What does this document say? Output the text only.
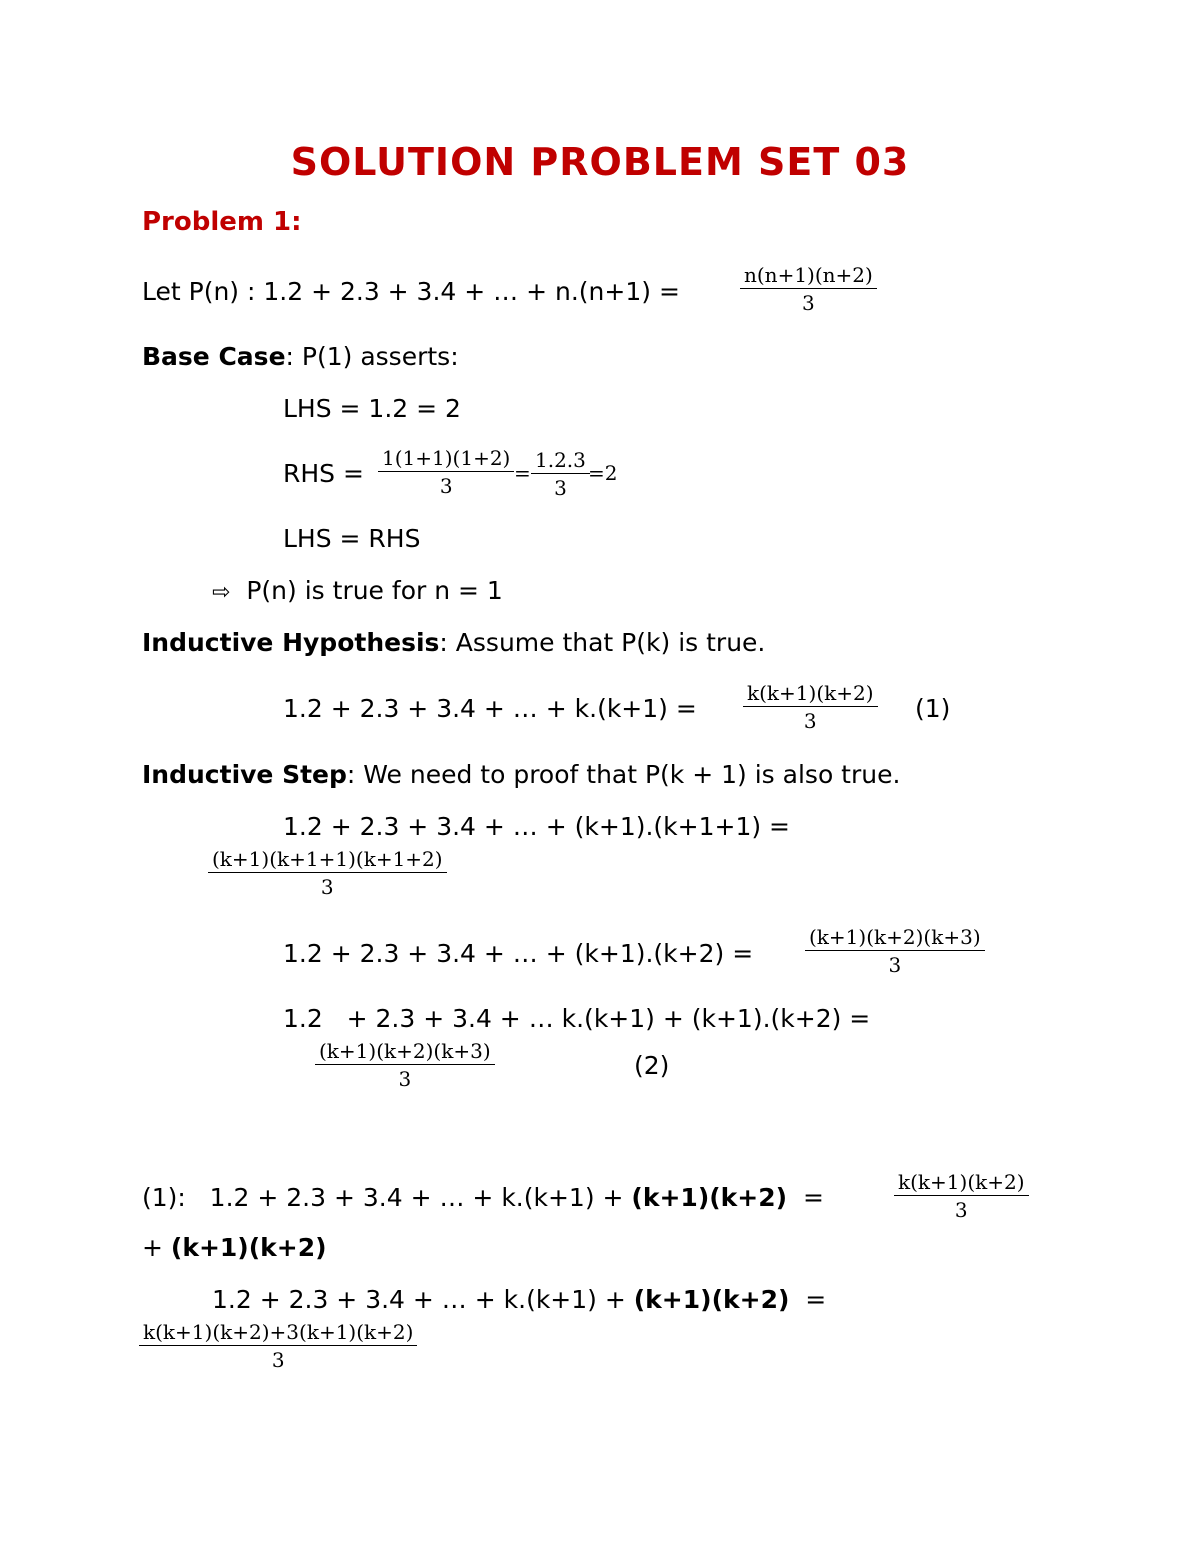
SOLUTION PROBLEM SET 03
Problem 1:
Let P(n) : 1.2 + 2.3 + 3.4 + … + n.(n+1) =	$\frac{n(n+1)(n+2)}{3}$
Base Case: P(1) asserts:
LHS = 1.2 = 2
RHS = $\frac{1(1+1)(1+2)}{3} = \frac{1.2.3}{3}$
=2
LHS = RHS
⇨ P(n) is true for n = 1
Inductive Hypothesis: Assume that P(k) is true.
1.2 + 2.3 + 3.4 + … + $k.(k+1) = \frac{k(k+1)(k+2)}{3} (1)$
Inductive Step: We need to proof that P(k + 1) is also true.
1.2 + 2.3 + 3.4 + … + (k+1).(k+1+1) =
$\frac{(k+1)(k+1+1)(k+1+2)}{3}$
1.2 + 2.3 + 3.4 + … + (k+1).(k+2) =	$\frac{(k+1)(k+2)(k+3)}{3}$
1.2   + 2.3 + 3.4 + … k.(k+1) + (k+1).(k+2) =
$\frac{(k+1)(k+2)(k+3)}{3}$	(2)
(1):   1.2 + 2.3 + 3.4 + … + k.(k+1) + (k+1)(k+2) =	$\frac{k(k+1)(k+2)}{3}$
+ (k+1)(k+2)
1.2 + 2.3 + 3.4 + … + k.(k+1) + (k+1)(k+2) =
$\frac{k(k+1)(k+2)+3(k+1)(k+2)}{3}$
